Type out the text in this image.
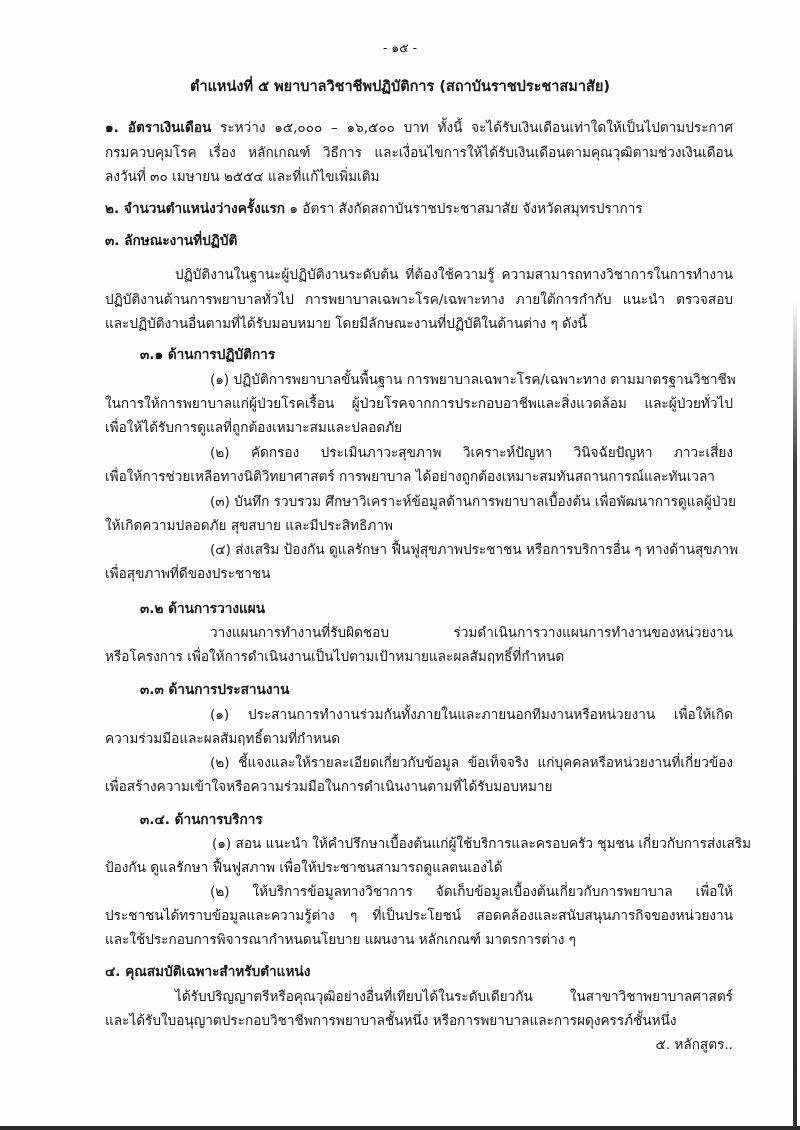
- ๑๕ -
ตำแหน่งที่ ๕ พยาบาลวิชาชีพปฏิบัติการ (สถาบันราชประชาสมาสัย)
๑. อัตราเงินเดือน ระหว่าง ๑๕,๐๐๐ – ๑๖,๕๐๐ บาท ทั้งนี้ จะได้รับเงินเดือนเท่าใดให้เป็นไปตามประกาศ
กรมควบคุมโรค เรื่อง หลักเกณฑ์ วิธีการ และเงื่อนไขการให้ได้รับเงินเดือนตามคุณวุฒิตามช่วงเงินเดือน
ลงวันที่ ๓๐ เมษายน ๒๕๕๔ และที่แก้ไขเพิ่มเติม
๒. จำนวนตำแหน่งว่างครั้งแรก ๑ อัตรา สังกัดสถาบันราชประชาสมาสัย จังหวัดสมุทรปราการ
๓. ลักษณะงานที่ปฏิบัติ
ปฏิบัติงานในฐานะผู้ปฏิบัติงานระดับต้น ที่ต้องใช้ความรู้ ความสามารถทางวิชาการในการทำงาน
ปฏิบัติงานด้านการพยาบาลทั่วไป การพยาบาลเฉพาะโรค/เฉพาะทาง ภายใต้การกำกับ แนะนำ ตรวจสอบ
และปฏิบัติงานอื่นตามที่ได้รับมอบหมาย โดยมีลักษณะงานที่ปฏิบัติในด้านต่าง ๆ ดังนี้
๓.๑ ด้านการปฏิบัติการ
(๑) ปฏิบัติการพยาบาลขั้นพื้นฐาน การพยาบาลเฉพาะโรค/เฉพาะทาง ตามมาตรฐานวิชาชีพ
ในการให้การพยาบาลแก่ผู้ป่วยโรคเรื้อน ผู้ป่วยโรคจากการประกอบอาชีพและสิ่งแวดล้อม และผู้ป่วยทั่วไป
เพื่อให้ได้รับการดูแลที่ถูกต้องเหมาะสมและปลอดภัย
(๒) คัดกรอง ประเมินภาวะสุขภาพ วิเคราะห์ปัญหา วินิจฉัยปัญหา ภาวะเสี่ยง
เพื่อให้การช่วยเหลือทางนิติวิทยาศาสตร์ การพยาบาล ได้อย่างถูกต้องเหมาะสมทันสถานการณ์และทันเวลา
(๓) บันทึก รวบรวม ศึกษาวิเคราะห์ข้อมูลด้านการพยาบาลเบื้องต้น เพื่อพัฒนาการดูแลผู้ป่วย
ให้เกิดความปลอดภัย สุขสบาย และมีประสิทธิภาพ
(๔) ส่งเสริม ป้องกัน ดูแลรักษา ฟื้นฟูสุขภาพประชาชน หรือการบริการอื่น ๆ ทางด้านสุขภาพ
เพื่อสุขภาพที่ดีของประชาชน
๓.๒ ด้านการวางแผน
วางแผนการทำงานที่รับผิดชอบ ร่วมดำเนินการวางแผนการทำงานของหน่วยงาน
หรือโครงการ เพื่อให้การดำเนินงานเป็นไปตามเป้าหมายและผลสัมฤทธิ์ที่กำหนด
๓.๓ ด้านการประสานงาน
(๑) ประสานการทำงานร่วมกันทั้งภายในและภายนอกทีมงานหรือหน่วยงาน เพื่อให้เกิด
ความร่วมมือและผลสัมฤทธิ์ตามที่กำหนด
(๒) ชี้แจงและให้รายละเอียดเกี่ยวกับข้อมูล ข้อเท็จจริง แก่บุคคลหรือหน่วยงานที่เกี่ยวข้อง
เพื่อสร้างความเข้าใจหรือความร่วมมือในการดำเนินงานตามที่ได้รับมอบหมาย
๓.๔. ด้านการบริการ
(๑) สอน แนะนำ ให้คำปรึกษาเบื้องต้นแก่ผู้ใช้บริการและครอบครัว ชุมชน เกี่ยวกับการส่งเสริม
ป้องกัน ดูแลรักษา ฟื้นฟูสภาพ เพื่อให้ประชาชนสามารถดูแลตนเองได้
(๒) ให้บริการข้อมูลทางวิชาการ จัดเก็บข้อมูลเบื้องต้นเกี่ยวกับการพยาบาล เพื่อให้
ประชาชนได้ทราบข้อมูลและความรู้ต่าง ๆ ที่เป็นประโยชน์ สอดคล้องและสนับสนุนภารกิจของหน่วยงาน
และใช้ประกอบการพิจารณากำหนดนโยบาย แผนงาน หลักเกณฑ์ มาตรการต่าง ๆ
๔. คุณสมบัติเฉพาะสำหรับตำแหน่ง
ได้รับปริญญาตรีหรือคุณวุฒิอย่างอื่นที่เทียบได้ในระดับเดียวกัน ในสาขาวิชาพยาบาลศาสตร์
และได้รับใบอนุญาตประกอบวิชาชีพการพยาบาลชั้นหนึ่ง หรือการพยาบาลและการผดุงครรภ์ชั้นหนึ่ง
๕. หลักสูตร..
